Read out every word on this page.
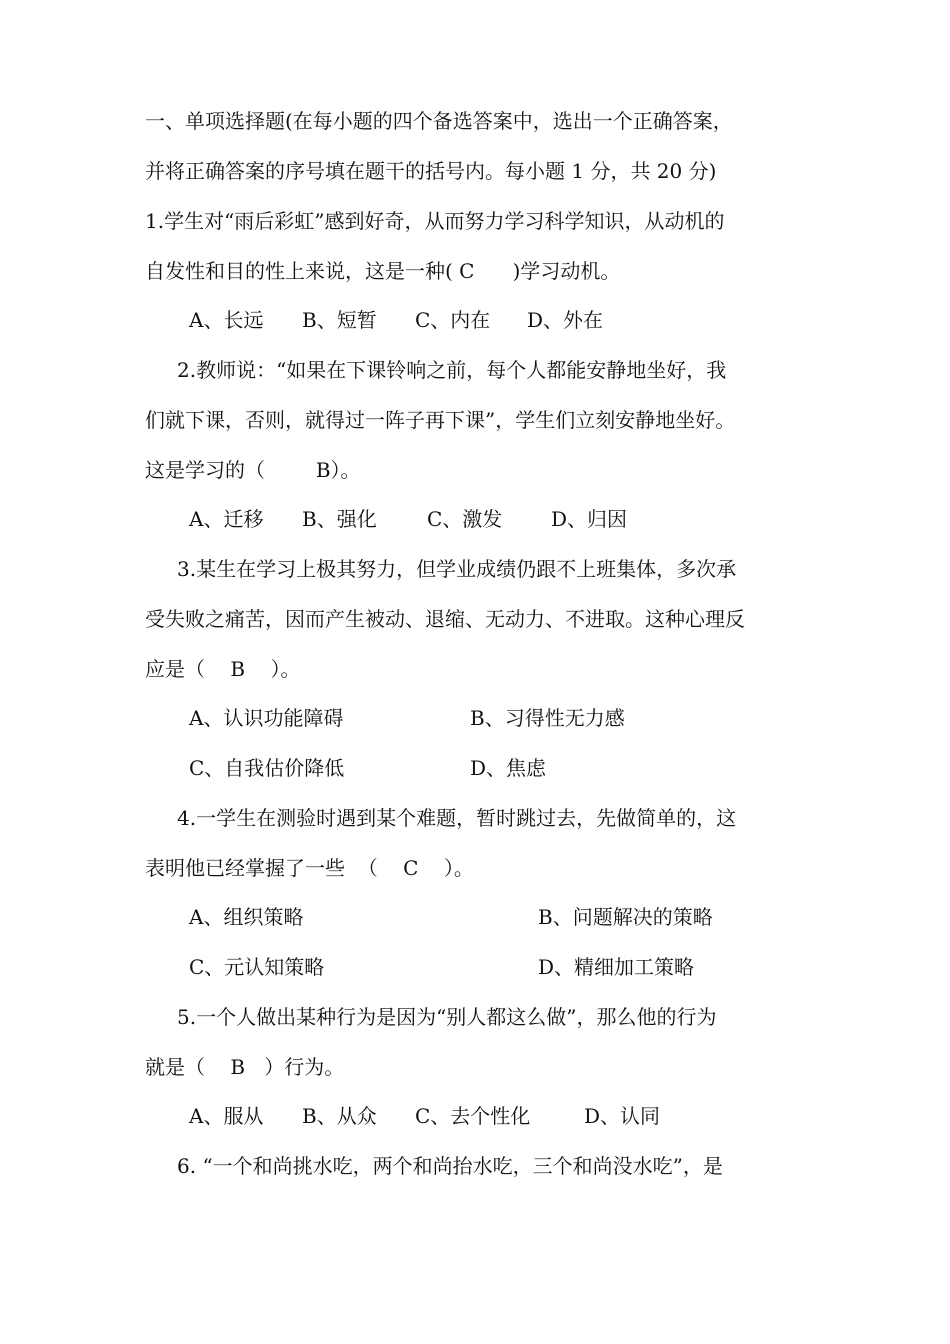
一、单项选择题(在每小题的四个备选答案中，选出一个正确答案，
并将正确答案的序号填在题干的括号内。每小题 1 分，共 20 分)
1.学生对“雨后彩虹”感到好奇，从而努力学习科学知识，从动机的
自发性和目的性上来说，这是一种( C      )学习动机。
A、长远 B、短暂 C、内在 D、外在
2.教师说：“如果在下课铃响之前，每个人都能安静地坐好，我
们就下课，否则，就得过一阵子再下课”，学生们立刻安静地坐好。
这是学习的（        B）。
A、迁移 B、强化	C、激发 D、归因
3.某生在学习上极其努力，但学业成绩仍跟不上班集体，多次承
受失败之痛苦，因而产生被动、退缩、无动力、不进取。这种心理反
应是（    B    ）。
A、认识功能障碍	B、习得性无力感
C、自我估价降低	D、焦虑
4.一学生在测验时遇到某个难题，暂时跳过去，先做简单的，这
表明他已经掌握了一些  （    C    ）。
A、组织策略	B、问题解决的策略
C、元认知策略	D、精细加工策略
5.一个人做出某种行为是因为“别人都这么做”，那么他的行为
就是（    B   ）行为。
A、服从 B、从众 C、去个性化	D、认同
6. “一个和尚挑水吃，两个和尚抬水吃，三个和尚没水吃”，是
